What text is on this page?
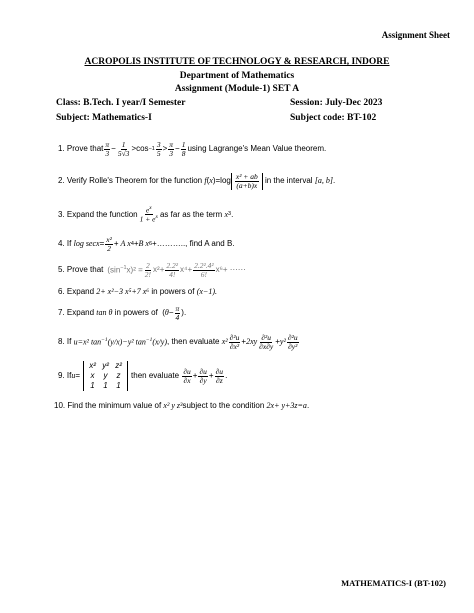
Assignment Sheet
ACROPOLIS INSTITUTE OF TECHNOLOGY & RESEARCH, INDORE
Department of Mathematics
Assignment (Module-1) SET A
Class: B.Tech. I year/I Semester	Session: July-Dec 2023
Subject: Mathematics-I	Subject code: BT-102
1.
Prove that $\frac{\pi}{3} - \frac{1}{5√3} >\cos -1 \frac{3}{5} > \frac{\pi}{3} - \frac{1}{8}$ using Lagrange's Mean Value theorem.
2.
Verify Rolle's Theorem for the function
f ( x )$=\log \frac{\text{x² + ab}}{(a+b)x}$
in the interval
[a, b] .
3.
Expand the function $\frac{e^x}{1 + e^x}$ as far as the term
x 3 .
4.
If
$\log \sec x = \frac{\text{x²}}{2} + A$ x 4 + B x 6 + ……….., find A and B.
5.
Prove that $(\sin^{-1}x)^2 = \frac{2}{2!} x^2+ \frac{\text{2.2²}}{4!} x^4+ \frac{\text{2.2².4²}}{6!} x^6+$ ⋯⋯
6.
Expand
2+ x²−3 x⁵+7 x⁶
in powers of
(x−1).
7.
Expand
tan θ
in powers of ( $\theta - \frac{\pi}{4}$ ).
8.
If
u=x² $\tan^{-1}(y/x)-y^2$ $\tan^{-1}(x/y)$ , then evaluate
$x^2 \frac{\text{∂²u}}{\text{∂x²}} + 2xy \frac{\text{∂²u}}{\partial x\partial y} + y^2 \frac{\text{∂²u}}{\text{∂y²}}$
9.
If u =
x² y² z²
x	y	z
1	1	1
then evaluate
$\frac{\partial u}{\partial x} + \frac{\partial u}{\partial y} + \frac{\partial u}{\partial z}$ .
10.
Find the minimum value of
x² y z³ subject to the condition
2x+ y+3z=a .
MATHEMATICS-I (BT-102)
